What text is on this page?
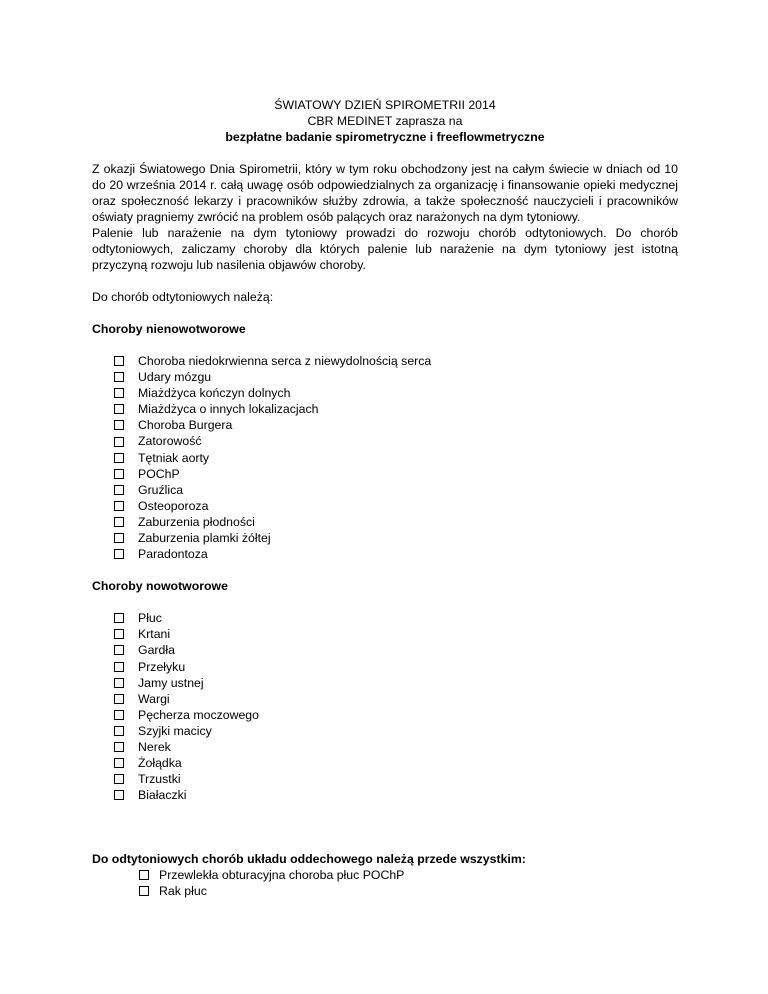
ŚWIATOWY DZIEŃ SPIROMETRII 2014
CBR MEDINET zaprasza na
bezpłatne badanie spirometryczne i freeflowmetryczne

Z okazji Światowego Dnia Spirometrii, który w tym roku obchodzony jest na całym świecie w dniach od 10 do 20 września 2014 r. całą uwagę osób odpowiedzialnych za organizację i finansowanie opieki medycznej oraz społeczność lekarzy i pracowników służby zdrowia, a także społeczność nauczycieli i pracowników oświaty pragniemy zwrócić na problem osób palących oraz narażonych na dym tytoniowy.

Palenie lub narażenie na dym tytoniowy prowadzi do rozwoju chorób odtytoniowych. Do chorób odtytoniowych, zaliczamy choroby dla których palenie lub narażenie na dym tytoniowy jest istotną przyczyną rozwoju lub nasilenia objawów choroby.

Do chorób odtytoniowych należą:

Choroby nienowotworowe

Choroba niedokrwienna serca z niewydolnością serca
Udary mózgu
Miażdżyca kończyn dolnych
Miażdżyca o innych lokalizacjach
Choroba Burgera
Zatorowość
Tętniak aorty
POChP
Gruźlica
Osteoporoza
Zaburzenia płodności
Zaburzenia plamki żółtej
Paradontoza

Choroby nowotworowe

Płuc
Krtani
Gardła
Przełyku
Jamy ustnej
Wargi
Pęcherza moczowego
Szyjki macicy
Nerek
Żołądka
Trzustki
Białaczki

Do odtytoniowych chorób układu oddechowego należą przede wszystkim:

Przewlekła obturacyjna choroba płuc POChP
Rak płuc
